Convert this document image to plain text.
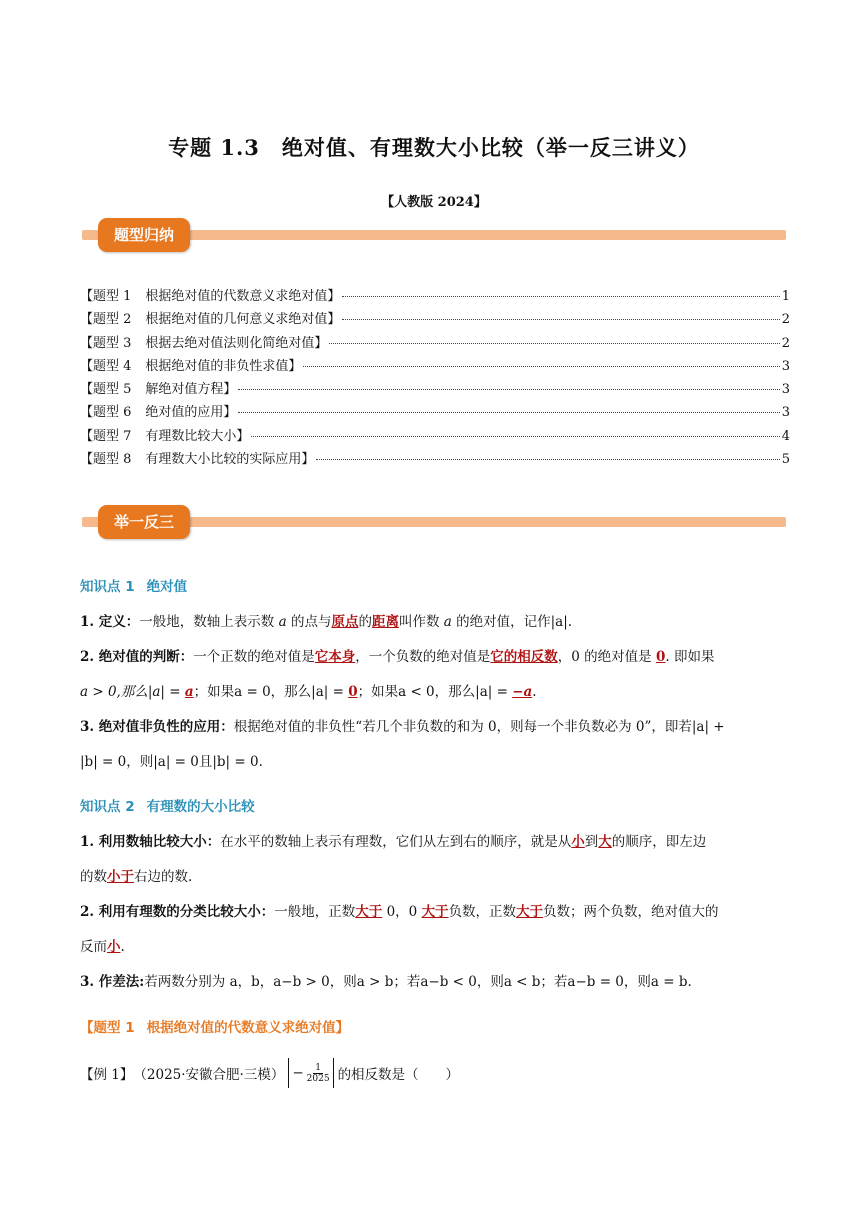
专题 1.3　绝对值、有理数大小比较（举一反三讲义）
【人教版 2024】
题型归纳
【题型 1 根据绝对值的代数意义求绝对值】	1
【题型 2 根据绝对值的几何意义求绝对值】	2
【题型 3 根据去绝对值法则化简绝对值】	2
【题型 4 根据绝对值的非负性求值】	3
【题型 5 解绝对值方程】	3
【题型 6 绝对值的应用】	3
【题型 7 有理数比较大小】	4
【题型 8 有理数大小比较的实际应用】	5
举一反三
知识点 1 绝对值
1. 定义：一般地，数轴上表示数 a 的点与原点的距离叫作数 a 的绝对值，记作|a|.
2. 绝对值的判断：一个正数的绝对值是它本身，一个负数的绝对值是它的相反数，0 的绝对值是 0. 即如果
a > 0,那么|a| = a；如果a = 0，那么|a| = 0；如果a < 0，那么|a| = −a.
3. 绝对值非负性的应用：根据绝对值的非负性“若几个非负数的和为 0，则每一个非负数必为 0”，即若|a| +
|b| = 0，则|a| = 0且|b| = 0.
知识点 2 有理数的大小比较
1. 利用数轴比较大小：在水平的数轴上表示有理数，它们从左到右的顺序，就是从小到大的顺序，即左边
的数小于右边的数.
2. 利用有理数的分类比较大小：一般地，正数大于 0，0 大于负数，正数大于负数；两个负数，绝对值大的
反而小.
3. 作差法:若两数分别为 a，b，a−b > 0，则a > b；若a−b < 0，则a < b；若a−b = 0，则a = b.
【题型 1 根据绝对值的代数意义求绝对值】
【例 1】 （2025·安徽合肥·三模） − $\frac{1}{2025}$ 的相反数是（　　）
